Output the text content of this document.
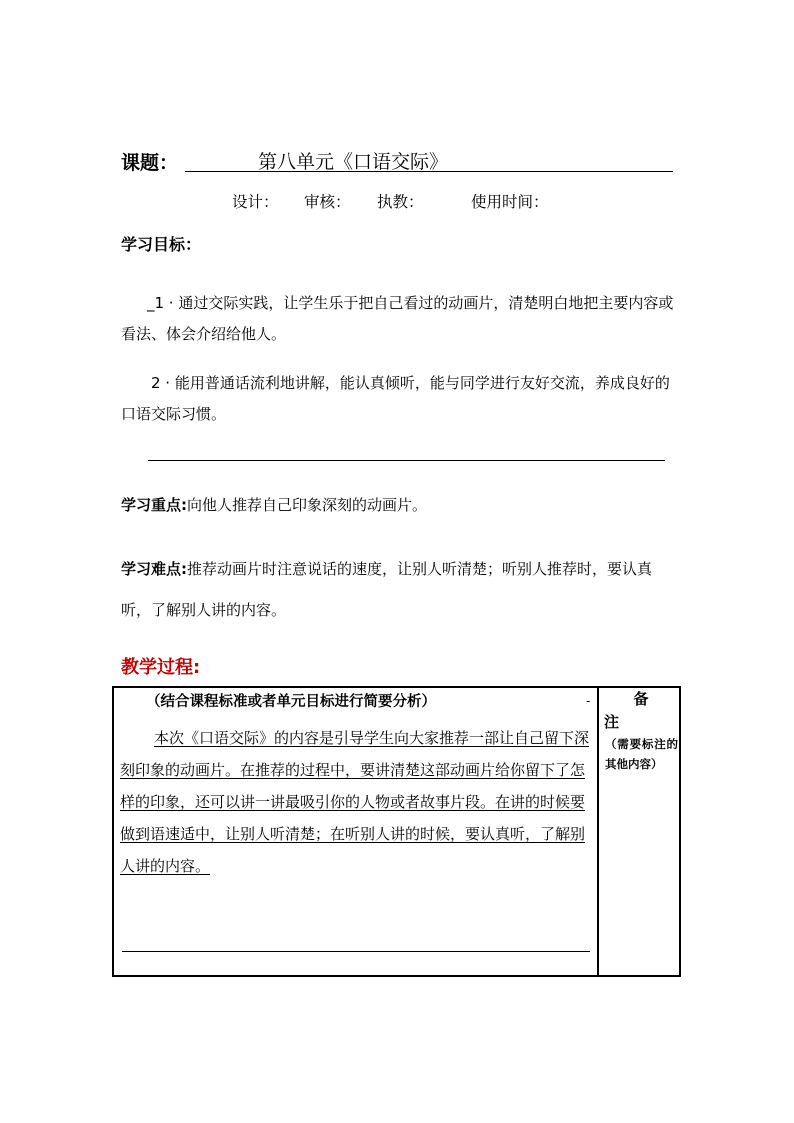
课题：	第八单元《口语交际》
设计： 审核： 执教：	使用时间：
学习目标：
_1 · 通过交际实践，让学生乐于把自己看过的动画片，清楚明白地把主要内容或看法、体会介绍给他人。
2 · 能用普通话流利地讲解，能认真倾听，能与同学进行友好交流，养成良好的口语交际习惯。
学习重点:向他人推荐自己印象深刻的动画片。
学习难点:推荐动画片时注意说话的速度，让别人听清楚；听别人推荐时，要认真听，了解别人讲的内容。
教学过程:
（结合课程标准或者单元目标进行简要分析）	-
本次《口语交际》的内容是引导学生向大家推荐一部让自己留下深刻印象的动画片。在推荐的过程中，要讲清楚这部动画片给你留下了怎样的印象，还可以讲一讲最吸引你的人物或者故事片段。在讲的时候要做到语速适中，让别人听清楚；在听别人讲的时候，要认真听，了解别人讲的内容。
备
注
（需要标注的其他内容）
